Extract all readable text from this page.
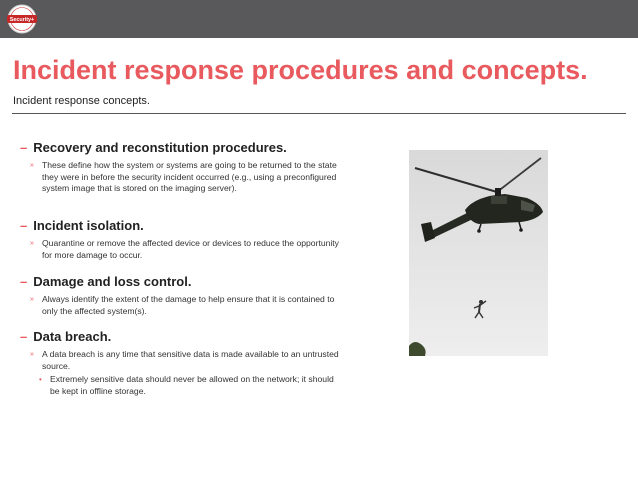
Security+
Incident response procedures and concepts.
Incident response concepts.
– Recovery and reconstitution procedures.
» These define how the system or systems are going to be returned to the state they were in before the security incident occurred (e.g., using a preconfigured system image that is stored on the imaging server).
– Incident isolation.
» Quarantine or remove the affected device or devices to reduce the opportunity for more damage to occur.
– Damage and loss control.
» Always identify the extent of the damage to help ensure that it is contained to only the affected system(s).
– Data breach.
» A data breach is any time that sensitive data is made available to an untrusted source.
• Extremely sensitive data should never be allowed on the network; it should be kept in offline storage.
